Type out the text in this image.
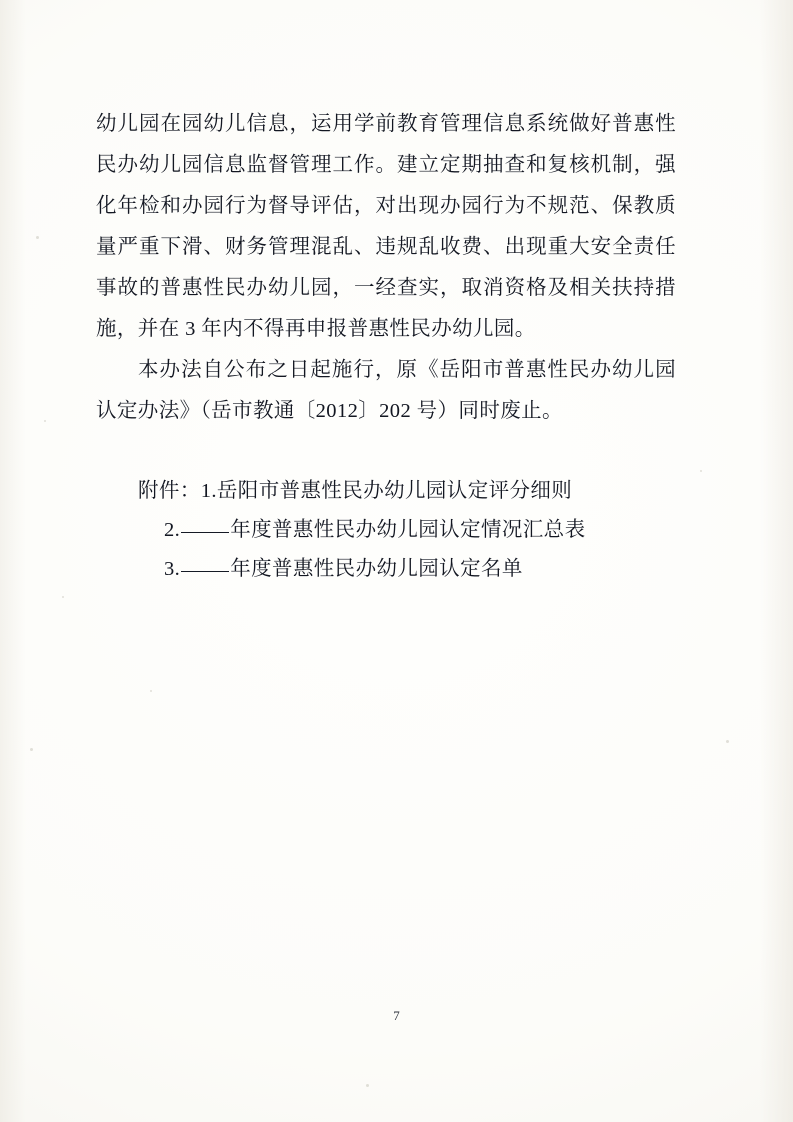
幼儿园在园幼儿信息，运用学前教育管理信息系统做好普惠性民办幼儿园信息监督管理工作。建立定期抽查和复核机制，强化年检和办园行为督导评估，对出现办园行为不规范、保教质量严重下滑、财务管理混乱、违规乱收费、出现重大安全责任事故的普惠性民办幼儿园，一经查实，取消资格及相关扶持措施，并在 3 年内不得再申报普惠性民办幼儿园。

本办法自公布之日起施行，原《岳阳市普惠性民办幼儿园认定办法》（岳市教通〔2012〕202 号）同时废止。

附件：1.岳阳市普惠性民办幼儿园认定评分细则
2. 年度普惠性民办幼儿园认定情况汇总表
3. 年度普惠性民办幼儿园认定名单
7
